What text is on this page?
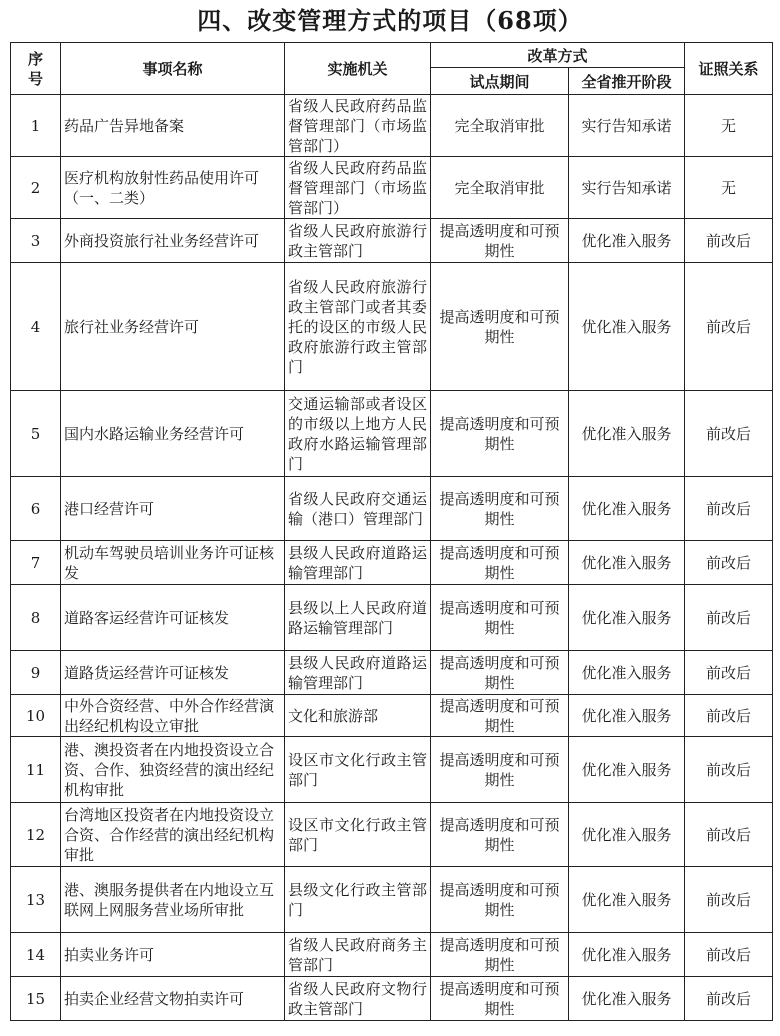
四、改变管理方式的项目（68项）
序
号	事项名称	实施机关	改革方式		证照关系
			试点期间	全省推开阶段	
1	药品广告异地备案	省级人民政府药品监督管理部门（市场监管部门）	完全取消审批	实行告知承诺	无
2	医疗机构放射性药品使用许可（一、二类）	省级人民政府药品监督管理部门（市场监管部门）	完全取消审批	实行告知承诺	无
3	外商投资旅行社业务经营许可	省级人民政府旅游行政主管部门	提高透明度和可预期性	优化准入服务	前改后
4	旅行社业务经营许可	省级人民政府旅游行政主管部门或者其委托的设区的市级人民政府旅游行政主管部门	提高透明度和可预期性	优化准入服务	前改后
5	国内水路运输业务经营许可	交通运输部或者设区的市级以上地方人民政府水路运输管理部门	提高透明度和可预期性	优化准入服务	前改后
6	港口经营许可	省级人民政府交通运输（港口）管理部门	提高透明度和可预期性	优化准入服务	前改后
7	机动车驾驶员培训业务许可证核发	县级人民政府道路运输管理部门	提高透明度和可预期性	优化准入服务	前改后
8	道路客运经营许可证核发	县级以上人民政府道路运输管理部门	提高透明度和可预期性	优化准入服务	前改后
9	道路货运经营许可证核发	县级人民政府道路运输管理部门	提高透明度和可预期性	优化准入服务	前改后
10	中外合资经营、中外合作经营演出经纪机构设立审批	文化和旅游部	提高透明度和可预期性	优化准入服务	前改后
11	港、澳投资者在内地投资设立合资、合作、独资经营的演出经纪机构审批	设区市文化行政主管部门	提高透明度和可预期性	优化准入服务	前改后
12	台湾地区投资者在内地投资设立合资、合作经营的演出经纪机构审批	设区市文化行政主管部门	提高透明度和可预期性	优化准入服务	前改后
13	港、澳服务提供者在内地设立互联网上网服务营业场所审批	县级文化行政主管部门	提高透明度和可预期性	优化准入服务	前改后
14	拍卖业务许可	省级人民政府商务主管部门	提高透明度和可预期性	优化准入服务	前改后
15	拍卖企业经营文物拍卖许可	省级人民政府文物行政主管部门	提高透明度和可预期性	优化准入服务	前改后
